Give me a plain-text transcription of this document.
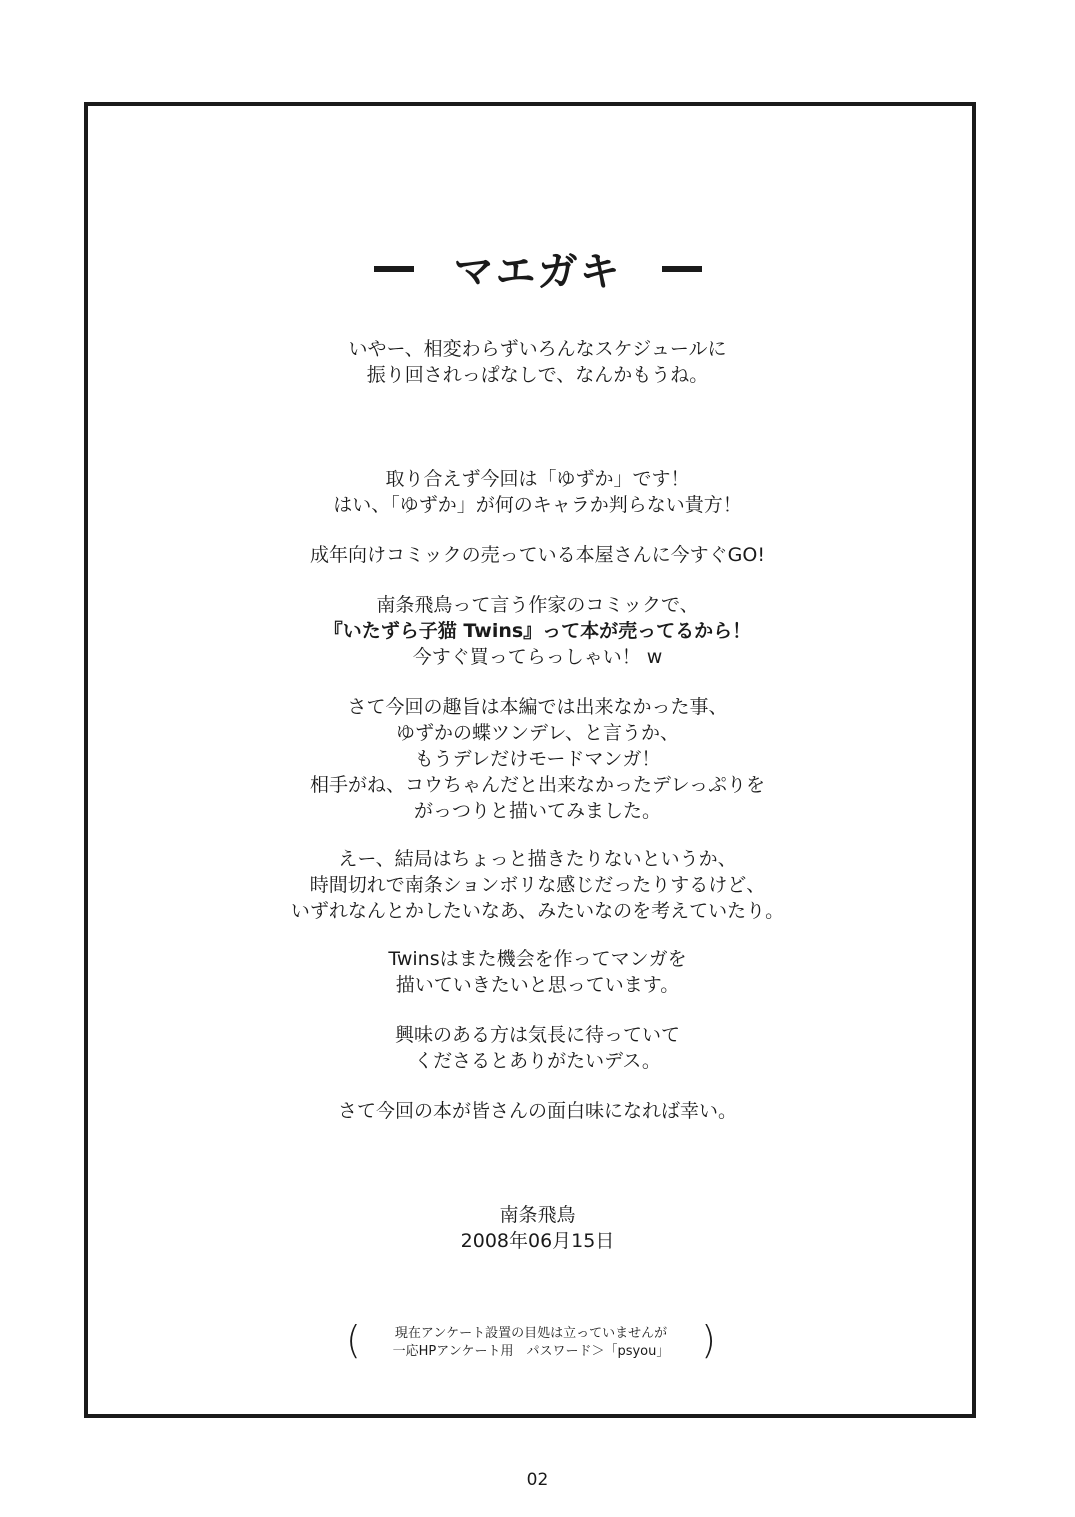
マエガキ
いやー、相変わらずいろんなスケジュールに
振り回されっぱなしで、なんかもうね。
取り合えず今回は「ゆずか」です！
はい、「ゆずか」が何のキャラか判らない貴方！
成年向けコミックの売っている本屋さんに今すぐGO!
南条飛鳥って言う作家のコミックで、
『いたずら子猫 Twins』って本が売ってるから！
今すぐ買ってらっしゃい！ w
さて今回の趣旨は本編では出来なかった事、
ゆずかの蝶ツンデレ、と言うか、
もうデレだけモードマンガ！
相手がね、コウちゃんだと出来なかったデレっぷりを
がっつりと描いてみました。
えー、結局はちょっと描きたりないというか、
時間切れで南条ションボリな感じだったりするけど、
いずれなんとかしたいなあ、みたいなのを考えていたり。
Twinsはまた機会を作ってマンガを
描いていきたいと思っています。
興味のある方は気長に待っていて
くださるとありがたいデス。
さて今回の本が皆さんの面白味になれば幸い。
南条飛鳥
2008年06月15日
(	現在アンケート設置の目処は立っていませんが
一応HPアンケート用　パスワード＞「psyou」 )
02
